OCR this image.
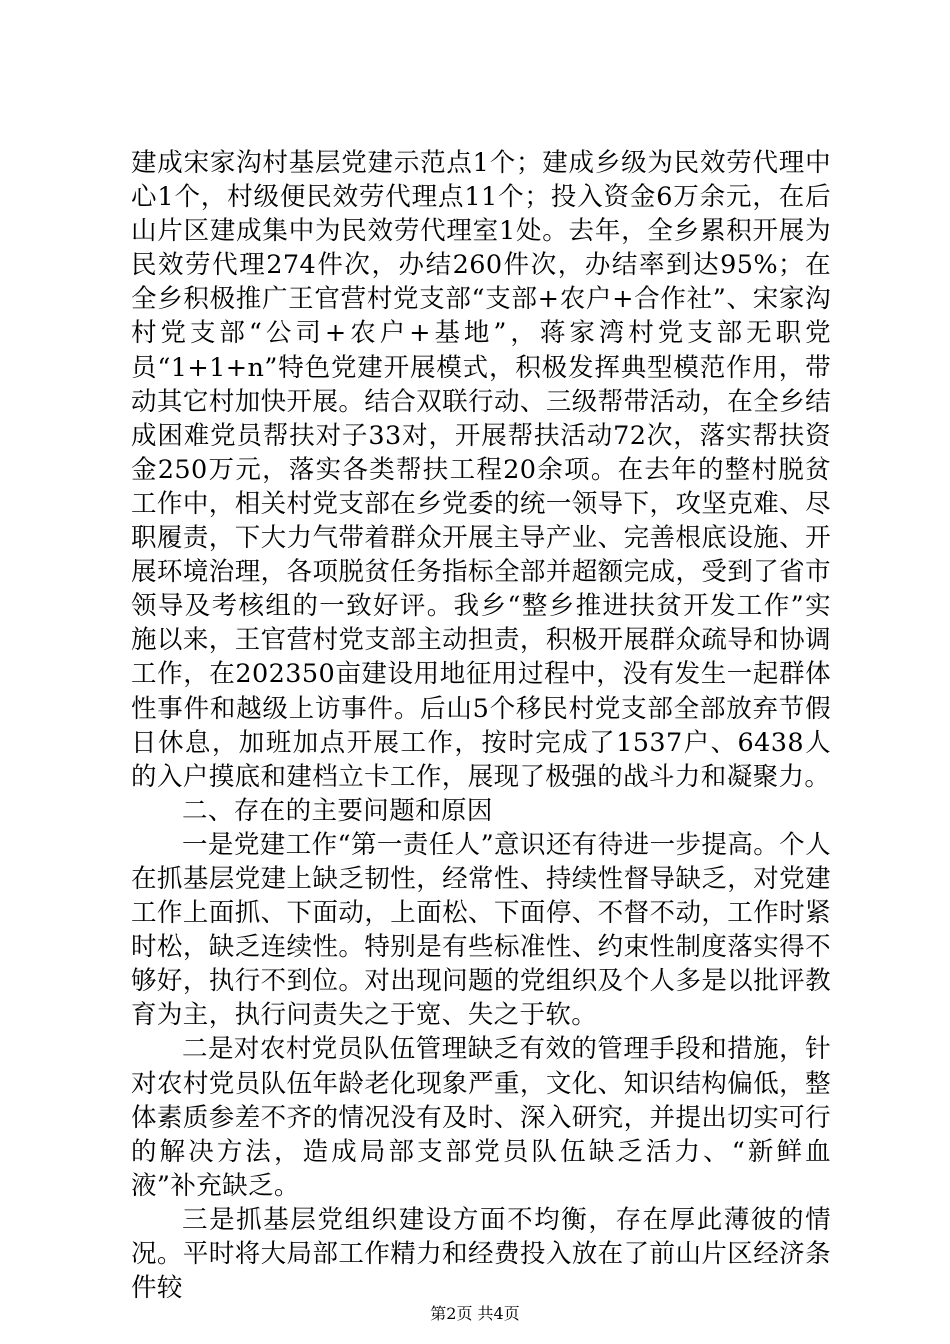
建成宋家沟村基层党建示范点1个；建成乡级为民效劳代理中心1个，村级便民效劳代理点11个；投入资金6万余元，在后山片区建成集中为民效劳代理室1处。去年，全乡累积开展为民效劳代理274件次，办结260件次，办结率到达95%；在全乡积极推广王官营村党支部“支部+农户+合作社”、宋家沟村党支部“公司+农户+基地”，蒋家湾村党支部无职党员“1+1+n”特色党建开展模式，积极发挥典型模范作用，带动其它村加快开展。结合双联行动、三级帮带活动，在全乡结成困难党员帮扶对子33对，开展帮扶活动72次，落实帮扶资金250万元，落实各类帮扶工程20余项。在去年的整村脱贫工作中，相关村党支部在乡党委的统一领导下，攻坚克难、尽职履责，下大力气带着群众开展主导产业、完善根底设施、开展环境治理，各项脱贫任务指标全部并超额完成，受到了省市领导及考核组的一致好评。我乡“整乡推进扶贫开发工作”实施以来，王官营村党支部主动担责，积极开展群众疏导和协调工作，在202350亩建设用地征用过程中，没有发生一起群体性事件和越级上访事件。后山5个移民村党支部全部放弃节假日休息，加班加点开展工作，按时完成了1537户、6438人的入户摸底和建档立卡工作，展现了极强的战斗力和凝聚力。

二、存在的主要问题和原因

一是党建工作“第一责任人”意识还有待进一步提高。个人在抓基层党建上缺乏韧性，经常性、持续性督导缺乏，对党建工作上面抓、下面动，上面松、下面停、不督不动，工作时紧时松，缺乏连续性。特别是有些标准性、约束性制度落实得不够好，执行不到位。对出现问题的党组织及个人多是以批评教育为主，执行问责失之于宽、失之于软。

二是对农村党员队伍管理缺乏有效的管理手段和措施，针对农村党员队伍年龄老化现象严重，文化、知识结构偏低，整体素质参差不齐的情况没有及时、深入研究，并提出切实可行的解决方法，造成局部支部党员队伍缺乏活力、“新鲜血液”补充缺乏。

三是抓基层党组织建设方面不均衡，存在厚此薄彼的情况。平时将大局部工作精力和经费投入放在了前山片区经济条件较

第2页 共4页
